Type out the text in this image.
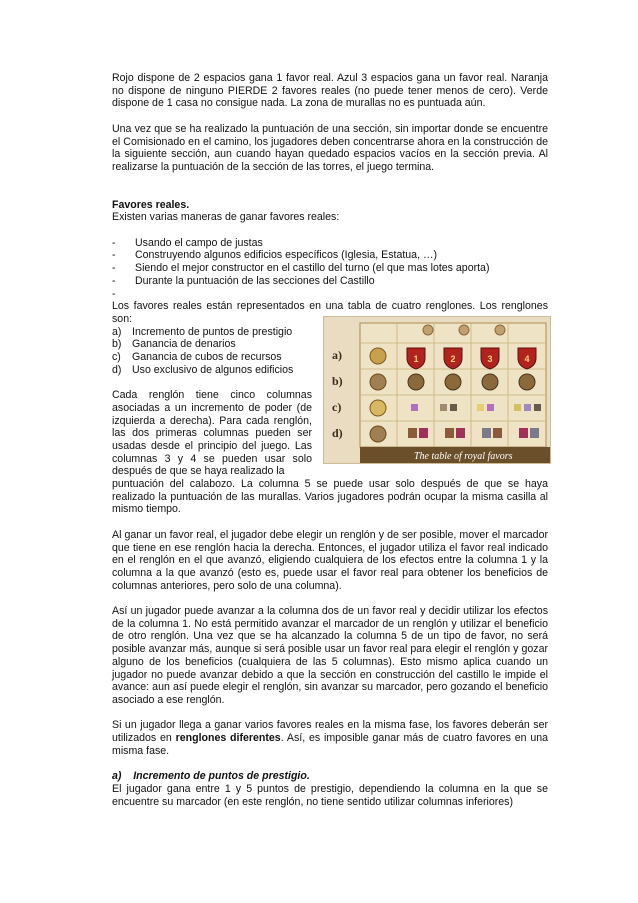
Rojo dispone de 2 espacios gana 1 favor real. Azul 3 espacios gana un favor real. Naranja no dispone de ninguno PIERDE 2 favores reales (no puede tener menos de cero). Verde dispone de 1 casa no consigue nada. La zona de murallas no es puntuada aún.

Una vez que se ha realizado la puntuación de una sección, sin importar donde se encuentre el Comisionado en el camino, los jugadores deben concentrarse ahora en la construcción de la siguiente sección, aun cuando hayan quedado espacios vacíos en la sección previa. Al realizarse la puntuación de la sección de las torres, el juego termina.

Favores reales.

Existen varias maneras de ganar favores reales:

-	Usando el campo de justas
-	Construyendo algunos edificios específicos (Iglesia, Estatua, …)
-	Siendo el mejor constructor en el castillo del turno (el que mas lotes aporta)
-	Durante la puntuación de las secciones del Castillo
-

Los favores reales están representados en una tabla de cuatro renglones. Los renglones son:

a) Incremento de puntos de prestigio
b) Ganancia de denarios
c)	Ganancia de cubos de recursos
d) Uso exclusivo de algunos edificios

Cada renglón tiene cinco columnas asociadas a un incremento de poder (de izquierda a derecha). Para cada renglón, las dos primeras columnas pueden ser usadas desde el principio del juego. Las columnas 3 y 4 se pueden usar solo después de que se haya realizado la

puntuación del calabozo. La columna 5 se puede usar solo después de que se haya realizado la puntuación de las murallas. Varios jugadores podrán ocupar la misma casilla al mismo tiempo.

Al ganar un favor real, el jugador debe elegir un renglón y de ser posible, mover el marcador que tiene en ese renglón hacia la derecha. Entonces, el jugador utiliza el favor real indicado en el renglón en el que avanzó, eligiendo cualquiera de los efectos entre la columna 1 y la columna a la que avanzó (esto es, puede usar el favor real para obtener los beneficios de columnas anteriores, pero solo de una columna).

Así un jugador puede avanzar a la columna dos de un favor real y decidir utilizar los efectos de la columna 1. No está permitido avanzar el marcador de un renglón y utilizar el beneficio de otro renglón. Una vez que se ha alcanzado la columna 5 de un tipo de favor, no será posible avanzar más, aunque si será posible usar un favor real para elegir el renglón y gozar alguno de los beneficios (cualquiera de las 5 columnas). Esto mismo aplica cuando un jugador no puede avanzar debido a que la sección en construcción del castillo le impide el avance: aun así puede elegir el renglón, sin avanzar su marcador, pero gozando el beneficio asociado a ese renglón.

Si un jugador llega a ganar varios favores reales en la misma fase, los favores deberán ser utilizados en renglones diferentes. Así, es imposible ganar más de cuatro favores en una misma fase.

a) Incremento de puntos de prestigio.

El jugador gana entre 1 y 5 puntos de prestigio, dependiendo la columna en la que se encuentre su marcador (en este renglón, no tiene sentido utilizar columnas inferiores)

a)
b)
c)
d)
1	2	3	4
The table of royal favors
